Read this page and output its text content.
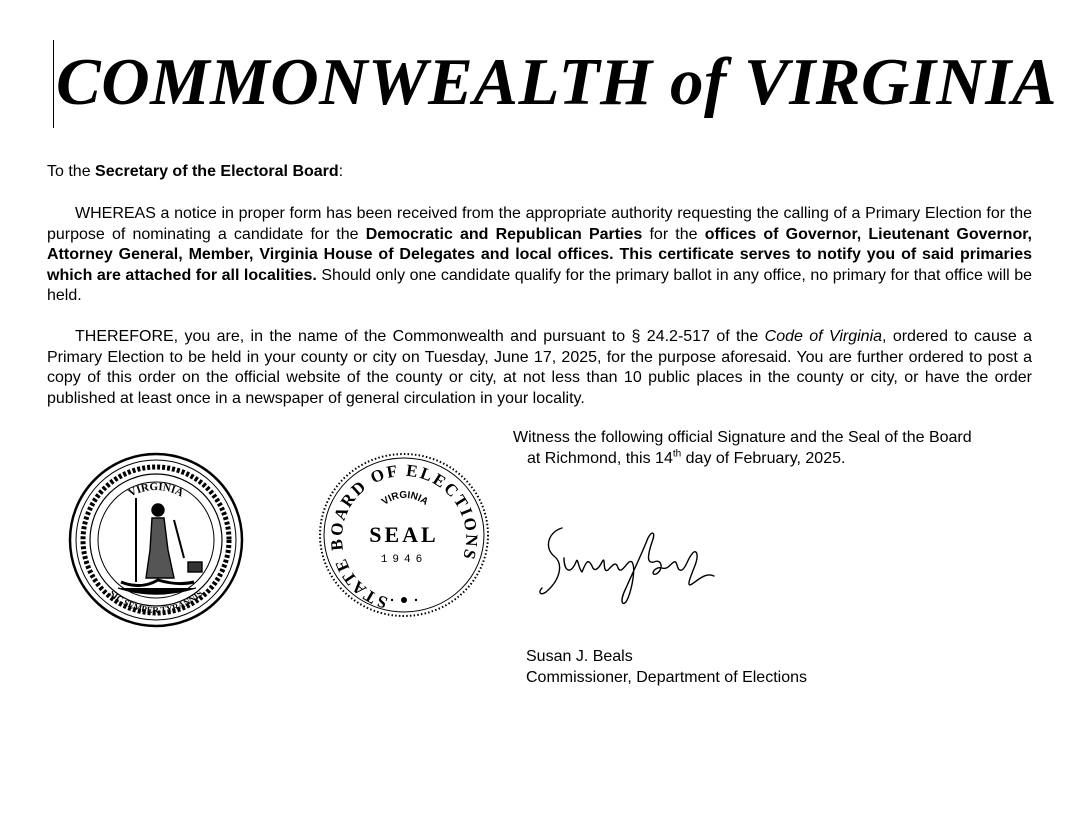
COMMONWEALTH of VIRGINIA

To the Secretary of the Electoral Board:

WHEREAS a notice in proper form has been received from the appropriate authority requesting the calling of a Primary Election for the purpose of nominating a candidate for the Democratic and Republican Parties for the offices of Governor, Lieutenant Governor, Attorney General, Member, Virginia House of Delegates and local offices. This certificate serves to notify you of said primaries which are attached for all localities. Should only one candidate qualify for the primary ballot in any office, no primary for that office will be held.

THEREFORE, you are, in the name of the Commonwealth and pursuant to § 24.2-517 of the Code of Virginia, ordered to cause a Primary Election to be held in your county or city on Tuesday, June 17, 2025, for the purpose aforesaid. You are further ordered to post a copy of this order on the official website of the county or city, at not less than 10 public places in the county or city, or have the order published at least once in a newspaper of general circulation in your locality.

Witness the following official Signature and the Seal of the Board
at Richmond, this 14th day of February, 2025.

VIRGINIA
SIC SEMPER TYRANNIS	STATE BOARD OF ELECTIONS
VIRGINIA
SEAL
1946

Susan J. Beals
Commissioner, Department of Elections
